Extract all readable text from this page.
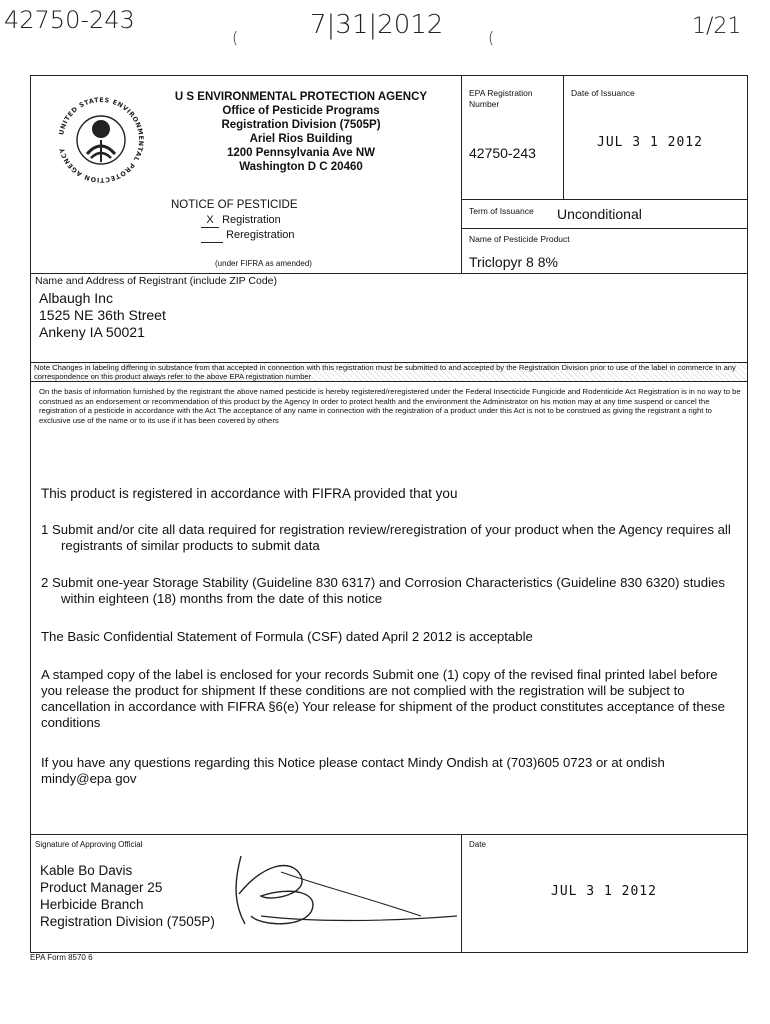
42750-243
(	7|31|2012	(	1/21
UNITED STATES ENVIRONMENTAL PROTECTION AGENCY
U S ENVIRONMENTAL PROTECTION AGENCY
Office of Pesticide Programs
Registration Division (7505P)
Ariel Rios Building
1200 Pennsylvania Ave NW
Washington D C 20460
NOTICE OF PESTICIDE
X Registration
Reregistration
(under FIFRA as amended)
EPA Registration Number
42750-243
Date of Issuance
JUL 3 1 2012
Term of Issuance Unconditional
Name of Pesticide Product
Triclopyr 8 8%
Name and Address of Registrant (include ZIP Code)
Albaugh Inc
1525 NE 36th Street
Ankeny IA 50021
Note Changes in labeling differing in substance from that accepted in connection with this registration must be submitted to and accepted by the Registration Division prior to use of the label in commerce In any correspondence on this product always refer to the above EPA registration number
On the basis of information furnished by the registrant the above named pesticide is hereby registered/reregistered under the Federal Insecticide Fungicide and Rodenticide Act Registration is in no way to be construed as an endorsement or recommendation of this product by the Agency In order to protect health and the environment the Administrator on his motion may at any time suspend or cancel the registration of a pesticide in accordance with the Act The acceptance of any name in connection with the registration of a product under this Act is not to be construed as giving the registrant a right to exclusive use of the name or to its use if it has been covered by others

This product is registered in accordance with FIFRA provided that you

1 Submit and/or cite all data required for registration review/reregistration of your product when the Agency requires all registrants of similar products to submit data

2 Submit one-year Storage Stability (Guideline 830 6317) and Corrosion Characteristics (Guideline 830 6320) studies within eighteen (18) months from the date of this notice

The Basic Confidential Statement of Formula (CSF) dated April 2 2012 is acceptable

A stamped copy of the label is enclosed for your records Submit one (1) copy of the revised final printed label before you release the product for shipment If these conditions are not complied with the registration will be subject to cancellation in accordance with FIFRA §6(e) Your release for shipment of the product constitutes acceptance of these conditions

If you have any questions regarding this Notice please contact Mindy Ondish at (703)605 0723 or at ondish mindy@epa gov

Signature of Approving Official
Kable Bo Davis
Product Manager 25
Herbicide Branch
Registration Division (7505P)
Date
JUL 3 1 2012
EPA Form 8570 6
